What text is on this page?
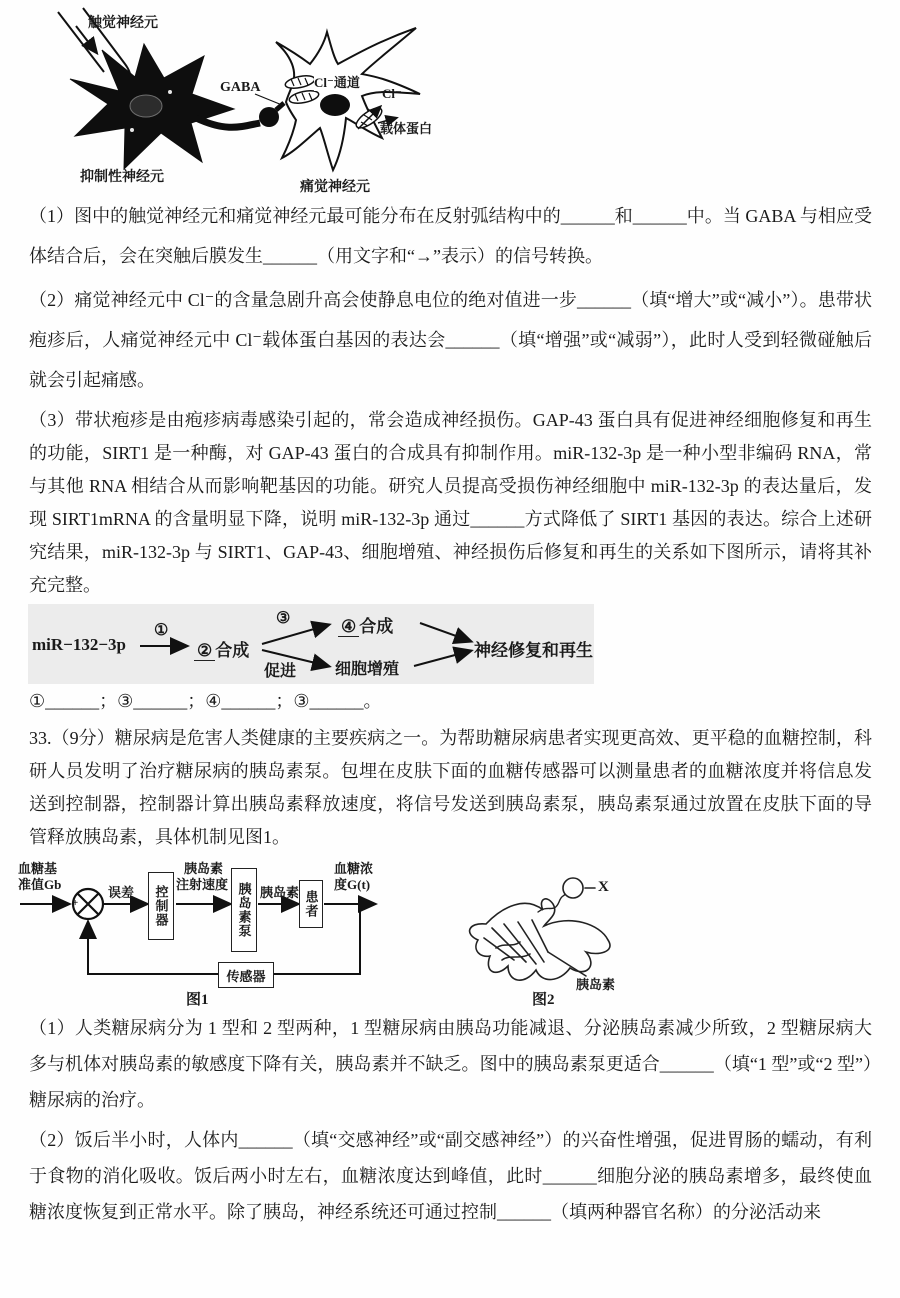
触觉神经元
抑制性神经元
痛觉神经元
GABA	Cl⁻通道
Cl⁻
载体蛋白
（1）图中的触觉神经元和痛觉神经元最可能分布在反射弧结构中的______和______中。当 GABA 与相应受体结合后，会在突触后膜发生______（用文字和“→”表示）的信号转换。
（2）痛觉神经元中 Cl⁻的含量急剧升高会使静息电位的绝对值进一步______（填“增大”或“减小”）。患带状疱疹后，人痛觉神经元中 Cl⁻载体蛋白基因的表达会______（填“增强”或“减弱”），此时人受到轻微碰触后就会引起痛感。
（3）带状疱疹是由疱疹病毒感染引起的，常会造成神经损伤。GAP-43 蛋白具有促进神经细胞修复和再生的功能，SIRT1 是一种酶，对 GAP-43 蛋白的合成具有抑制作用。miR-132-3p 是一种小型非编码 RNA，常与其他 RNA 相结合从而影响靶基因的功能。研究人员提高受损伤神经细胞中 miR-132-3p 的表达量后，发现 SIRT1mRNA 的含量明显下降，说明 miR-132-3p 通过______方式降低了 SIRT1 基因的表达。综合上述研究结果，miR-132-3p 与 SIRT1、GAP-43、细胞增殖、神经损伤后修复和再生的关系如下图所示，请将其补充完整。
miR−132−3p
①
② 合成
③
促进
④ 合成
细胞增殖
神经修复和再生
①______；③______；④______；③______。
33.（9分）糖尿病是危害人类健康的主要疾病之一。为帮助糖尿病患者实现更高效、更平稳的血糖控制，科研人员发明了治疗糖尿病的胰岛素泵。包埋在皮肤下面的血糖传感器可以测量患者的血糖浓度并将信息发送到控制器，控制器计算出胰岛素释放速度，将信号发送到胰岛素泵，胰岛素泵通过放置在皮肤下面的导管释放胰岛素，具体机制见图1。
+
−
血糖基
准值Gb
误差	控制器
胰岛素
注射速度 胰岛素泵 胰岛素 患者
血糖浓
度G(t)
传感器
图1
X
胰岛素
图2
（1）人类糖尿病分为 1 型和 2 型两种，1 型糖尿病由胰岛功能减退、分泌胰岛素减少所致，2 型糖尿病大多与机体对胰岛素的敏感度下降有关，胰岛素并不缺乏。图中的胰岛素泵更适合______（填“1 型”或“2 型”）糖尿病的治疗。
（2）饭后半小时，人体内______（填“交感神经”或“副交感神经”）的兴奋性增强，促进胃肠的蠕动，有利于食物的消化吸收。饭后两小时左右，血糖浓度达到峰值，此时______细胞分泌的胰岛素增多，最终使血糖浓度恢复到正常水平。除了胰岛，神经系统还可通过控制______（填两种器官名称）的分泌活动来
